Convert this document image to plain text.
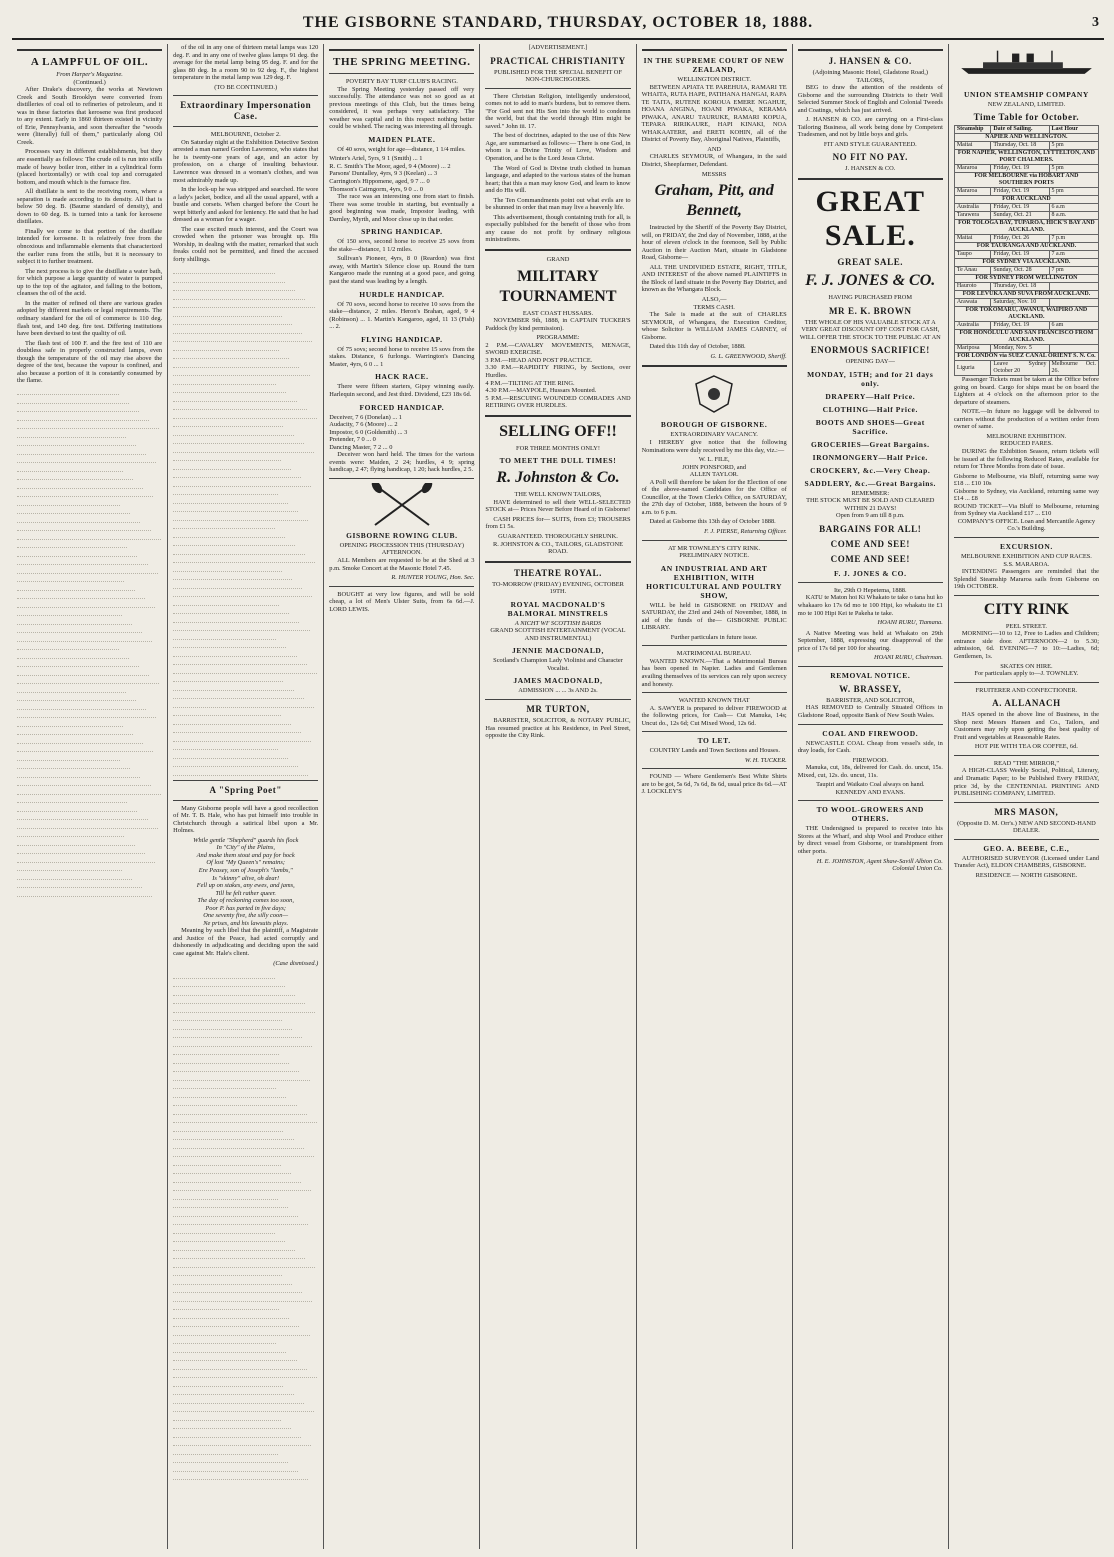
THE GISBORNE STANDARD, THURSDAY, OCTOBER 18, 1888.	3
A LAMPFUL OF OIL.
From Harper's Magazine.
(Continued.)

After Drake's discovery, the works at Newtown Creek and South Brooklyn were converted from distilleries of coal oil to refineries of petroleum, and it was in these factories that kerosene was first produced to any extent. Early in 1860 thirteen existed in vicinity of Erie, Pennsylvania, and soon thereafter the "woods were (literally) full of them," particularly along Oil Creek.

Processes vary in different establishments, but they are essentially as follows: The crude oil is run into stills made of heavy boiler iron, either in a cylindrical form (placed horizontally) or with coal top and corrugated bottom, and mouth which is the furnace fire.

All distillate is sent to the receiving room, where a separation is made according to its density. All that is below 50 deg. B. (Baume standard of density), and down to 60 deg. B. is turned into a tank for kerosene distillates.

Finally we come to that portion of the distillate intended for kerosene. It is relatively free from the obnoxious and inflammable elements that characterized the earlier runs from the stills, but it is necessary to subject it to further treatment.

The next process is to give the distillate a water bath, for which purpose a large quantity of water is pumped up to the top of the agitator, and falling to the bottom, cleanses the oil of the acid.

In the matter of refined oil there are various grades adopted by different markets or legal requirements. The ordinary standard for the oil of commerce is 110 deg. flash test, and 140 deg. fire test. Differing institutions have been devised to test the quality of oil.

The flash test of 100 F. and the fire test of 110 are doubtless safe in properly constructed lamps, even though the temperature of the oil may rise above the degree of the test, because the vapour is confined, and also because a portion of it is constantly consumed by the flame.

of the oil in any one of thirteen metal lamps was 120 deg. F. and in any one of twelve glass lamps 91 deg. the average for the metal lamp being 95 deg. F. and for the glass 80 deg. In a room 90 to 92 deg. F., the highest temperature in the metal lamp was 129 deg. F.

(TO BE CONTINUED.)
Extraordinary Impersonation Case.
MELBOURNE, October 2.

On Saturday night at the Exhibition Detective Sexton arrested a man named Gordon Lawrence, who states that he is twenty-one years of age, and an actor by profession, on a charge of insulting behaviour. Lawrence was dressed in a woman's clothes, and was most admirably made up.

In the lock-up he was stripped and searched. He wore a lady's jacket, bodice, and all the usual apparel, with a bustle and corsets. When charged before the Court he wept bitterly and asked for leniency. He said that he had dressed as a woman for a wager.

The case excited much interest, and the Court was crowded when the prisoner was brought up. His Worship, in dealing with the matter, remarked that such freaks could not be permitted, and fined the accused forty shillings.

A "Spring Poet"

Many Gisborne people will have a good recollection of Mr. T. B. Hale, who has put himself into trouble in Christchurch through a satirical libel upon a Mr. Holmes.

While gentle "Shepherd" guards his flock
In "City" of the Plains,
And make them stout and pay for hock
Of lost "My Queen's" remains;
Ere Peasey, son of Joseph's "lambs,"
Is "skinny" alive, oh dear!
Fell up on stakes, any ewes, and jams,
Till he felt rather queer.
The day of reckoning comes too soon,
Poor P. has parted in five days;
One seventy five, the silly coon—
Ne prises, and his lawsuits plays.

Meaning by such libel that the plaintiff, a Magistrate and Justice of the Peace, had acted corruptly and dishonestly in adjudicating and deciding upon the said case against Mr. Hale's client.

(Case dismissed.)
THE SPRING MEETING.
POVERTY BAY TURF CLUB'S RACING.

The Spring Meeting yesterday passed off very successfully. The attendance was not so good as at previous meetings of this Club, but the times being considered, it was perhaps very satisfactory. The weather was capital and in this respect nothing better could be wished. The racing was interesting all through.

MAIDEN PLATE.

Of 40 sovs, weight for age—distance, 1 1/4 miles.

Winter's Ariel, 5yrs, 9 1 (Smith) ... 1
R. C. Smith's The Moor, aged, 9 4 (Moore) ... 2
Parsons' Duntalley, 4yrs, 9 3 (Keelan) ... 3
Carrington's Hippomene, aged, 9 7 ... 0
Thomson's Cairngorm, 4yrs, 9 0 ... 0

The race was an interesting one from start to finish. There was some trouble in starting, but eventually a good beginning was made, Impostor leading, with Darnley, Myrth, and Moor close up in that order.

SPRING HANDICAP.

Of 150 sovs, second horse to receive 25 sovs from the stake—distance, 1 1/2 miles.

Sullivan's Pioneer, 4yrs, 8 0 (Reardon) was first away, with Martin's Silence close up. Round the turn Kangaroo made the running at a good pace, and going past the stand was leading by a length.

HURDLE HANDICAP.

Of 70 sovs, second horse to receive 10 sovs from the stake—distance, 2 miles. Heron's Brahan, aged, 9 4 (Robinson) ... 1. Martin's Kangaroo, aged, 11 13 (Fish) ... 2.

FLYING HANDICAP.

Of 75 sovs; second horse to receive 15 sovs from the stakes. Distance, 6 furlongs. Warrington's Dancing Master, 4yrs, 6 0 ... 1

HACK RACE.

There were fifteen starters, Gipsy winning easily. Harlequin second, and Jest third. Dividend, £23 18s 6d.

FORCED HANDICAP.
Deceiver, 7 6 (Donelan) ... 1
Audacity, 7 6 (Moore) ... 2
Impostor, 6 0 (Goldsmith) ... 3
Pretender, 7 0 ... 0
Dancing Master, 7 2 ... 0

Deceiver won hard held. The times for the various events were: Maiden, 2 24; hurdles, 4 9; spring handicap, 2 47; flying handicap, 1 20; hack hurdles, 2 5.

GISBORNE ROWING CLUB.
OPENING PROCESSION THIS (THURSDAY) AFTERNOON.

ALL Members are requested to be at the Shed at 3 p.m. Smoke Concert at the Masonic Hotel 7.45.

R. HUNTER YOUNG, Hon. Sec.

BOUGHT at very low figures, and will be sold cheap, a lot of Men's Ulster Suits, from 6s 6d.—J. LORD LEWIS.

[ADVERTISEMENT.]
PRACTICAL CHRISTIANITY
PUBLISHED FOR THE SPECIAL BENEFIT OF NON-CHURCHGOERS.

There Christian Religion, intelligently understood, comes not to add to man's burdens, but to remove them. "For God sent not His Son into the world to condemn the world, but that the world through Him might be saved." John iii. 17.

The best of doctrines, adapted to the use of this New Age, are summarised as follows:— There is one God, in whom is a Divine Trinity of Love, Wisdom and Operation, and he is the Lord Jesus Christ.

The Word of God is Divine truth clothed in human language, and adapted to the various states of the human heart; that this a man may know God, and learn to know and do His will.

The Ten Commandments point out what evils are to be shunned in order that man may live a heavenly life.

This advertisement, though containing truth for all, is especially published for the benefit of those who from any cause do not profit by ordinary religious ministrations.

GRAND
MILITARY TOURNAMENT
EAST COAST HUSSARS.

NOVEMBER 9th, 1888, in CAPTAIN TUCKER'S Paddock (by kind permission).

PROGRAMME:
2 P.M.—CAVALRY MOVEMENTS, MENAGE, SWORD EXERCISE.
3 P.M.—HEAD AND POST PRACTICE.
3.30 P.M.—RAPIDITY FIRING, by Sections, over Hurdles.
4 P.M.—TILTING AT THE RING.
4.30 P.M.—MAYPOLE, Hussars Mounted.
5 P.M.—RESCUING WOUNDED COMRADES AND RETIRING OVER HURDLES.
SELLING OFF!!
FOR THREE MONTHS ONLY!
TO MEET THE DULL TIMES!
R. Johnston & Co.
THE WELL KNOWN TAILORS,

HAVE determined to sell their WELL-SELECTED STOCK at— Prices Never Before Heard of in Gisborne!

CASH PRICES for— SUITS, from £3; TROUSERS from £1 5s.

GUARANTEED. THOROUGHLY SHRUNK.
R. JOHNSTON & CO., TAILORS, GLADSTONE ROAD.
THEATRE ROYAL.
TO-MORROW (FRIDAY) EVENING, OCTOBER 19TH.
ROYAL MACDONALD'S BALMORAL MINSTRELS
A NICHT WI' SCOTTISH BARDS
GRAND SCOTTISH ENTERTAINMENT (VOCAL AND INSTRUMENTAL)
JENNIE MACDONALD,
Scotland's Champion Lady Violinist and Character Vocalist.
JAMES MACDONALD,
ADMISSION ... ... 3s AND 2s.
MR TURTON,

BARRISTER, SOLICITOR, & NOTARY PUBLIC, Has resumed practice at his Residence, in Peel Street, opposite the City Rink.

IN THE SUPREME COURT OF NEW ZEALAND,
WELLINGTON DISTRICT.

BETWEEN APIATA TE PAREHUIA, RAMARI TE WHAITA, RUTA HAPE, PATIHANA HANGAI, RAPA TE TAITA, RUTENE KOROUA EMERE NGAHUE, HOANA ANGINA, HOANI PIWAKA, KERAMA PIWAKA, ANARU TAURUKE, RAMARI KOPUA, TEPARA RIRIKAURE, HAPI KINAKI, NOA WHAKAATERE, and ERETI KOHIN, all of the District of Poverty Bay, Aboriginal Natives, Plaintiffs,

AND

CHARLES SEYMOUR, of Whangara, in the said District, Sheepfarmer, Defendant.

MESSRS
Graham, Pitt, and Bennett,

Instructed by the Sheriff of the Poverty Bay District, will, on FRIDAY, the 2nd day of November, 1888, at the hour of eleven o'clock in the forenoon, Sell by Public Auction in their Auction Mart, situate in Gladstone Road, Gisborne—

ALL THE UNDIVIDED ESTATE, RIGHT, TITLE, AND INTEREST of the above named PLAINTIFFS in the Block of land situate in the Poverty Bay District, and known as the Whangara Block.

ALSO,—
TERMS CASH.

The Sale is made at the suit of CHARLES SEYMOUR, of Whangara, the Execution Creditor, whose Solicitor is WILLIAM JAMES CARNEY, of Gisborne.

Dated this 11th day of October, 1888.

G. L. GREENWOOD, Sheriff.
BOROUGH OF GISBORNE.
EXTRAORDINARY VACANCY.

I HEREBY give notice that the following Nominations were duly received by me this day, viz.:—

W. L. FILE,
JOHN PONSFORD, and
ALLEN TAYLOR.

A Poll will therefore be taken for the Election of one of the above-named Candidates for the Office of Councillor, at the Town Clerk's Office, on SATURDAY, the 27th day of October, 1888, between the hours of 9 a.m. to 6 p.m.

Dated at Gisborne this 13th day of October 1888.

F. J. PIERSE, Returning Officer.
AT MR TOWNLEY'S CITY RINK.
PRELIMINARY NOTICE.
AN INDUSTRIAL AND ART EXHIBITION, WITH HORTICULTURAL AND POULTRY SHOW,

WILL be held in GISBORNE on FRIDAY and SATURDAY, the 23rd and 24th of November, 1888, in aid of the funds of the— GISBORNE PUBLIC LIBRARY.

Further particulars in future issue.
MATRIMONIAL BUREAU.

WANTED KNOWN.—That a Matrimonial Bureau has been opened in Napier. Ladies and Gentlemen availing themselves of its services can rely upon secrecy and honesty.

WANTED KNOWN THAT

A. SAWYER is prepared to deliver FIREWOOD at the following prices, for Cash— Cut Manuka, 14s; Uncut do., 12s 6d; Cut Mixed Wood, 12s 6d.

TO LET.

COUNTRY Lands and Town Sections and Houses.

W. H. TUCKER.

FOUND — Where Gentlemen's Best White Shirts are to be got, 5s 6d, 7s 6d, 8s 6d, usual price 8s 6d.—AT J. LOCKLEY'S

J. HANSEN & CO.
(Adjoining Masonic Hotel, Gladstone Road,)
TAILORS,

BEG to draw the attention of the residents of Gisborne and the surrounding Districts to their Well Selected Summer Stock of English and Colonial Tweeds and Coatings, which has just arrived.

J. HANSEN & CO. are carrying on a First-class Tailoring Business, all work being done by Competent Tradesmen, and not by little boys and girls.

FIT AND STYLE GUARANTEED.
NO FIT NO PAY.
J. HANSEN & CO.
GREAT SALE.
GREAT SALE.
F. J. JONES & CO.
HAVING PURCHASED FROM
MR E. K. BROWN
THE WHOLE OF HIS VALUABLE STOCK AT A VERY GREAT DISCOUNT OFF COST FOR CASH,
WILL OFFER THE STOCK TO THE PUBLIC AT AN
ENORMOUS SACRIFICE!
OPENING DAY—
MONDAY, 15TH; and for 21 days only.
DRAPERY—Half Price.
CLOTHING—Half Price.
BOOTS AND SHOES—Great Sacrifice.
GROCERIES—Great Bargains.
IRONMONGERY—Half Price.
CROCKERY, &c.—Very Cheap.
SADDLERY, &c.—Great Bargains.
REMEMBER:
THE STOCK MUST BE SOLD AND CLEARED WITHIN 21 DAYS!
Open from 9 am till 8 p.m.
BARGAINS FOR ALL!
COME AND SEE!
COME AND SEE!
F. J. JONES & CO.
Ite, 29th O Hepetema, 1888.

KATU te Maton hoi Ki Whakato te take o tana hui ko whakaaro ko 17s 6d mo te 100 Hipi, ko whakatu ite £1 mo te 100 Hipi Kei te Pakeha te take.

HOANI RURU, Tiamana.

A Native Meeting was held at Whakato on 29th September, 1888, expressing our disapproval of the price of 17s 6d per 100 for shearing.

HOANI RURU, Chairman.
REMOVAL NOTICE.
W. BRASSEY,
BARRISTER, AND SOLICITOR,

HAS REMOVED to Centrally Situated Offices in Gladstone Road, opposite Bank of New South Wales.

COAL AND FIREWOOD.

NEWCASTLE COAL Cheap from vessel's side, in dray loads, for Cash.

FIREWOOD.

Manuka, cut, 18s, delivered for Cash. do. uncut, 15s. Mixed, cut, 12s. do. uncut, 11s.

Taupiri and Waikato Coal always on hand.
KENNEDY AND EVANS.
TO WOOL-GROWERS AND OTHERS.

THE Undersigned is prepared to receive into his Stores at the Wharf, and ship Wool and Produce either by direct vessel from Gisborne, or transhipment from other ports.

H. E. JOHNSTON, Agent Shaw-Savill Albion Co. Colonial Union Co.
UNION STEAMSHIP COMPANY
NEW ZEALAND, LIMITED.
Time Table for October.
Steamship	Date of Sailing.	Last Hour
NAPIER AND WELLINGTON.		
Maitai	Thursday, Oct. 18	5 pm
FOR NAPIER, WELLINGTON, LYTTELTON, AND PORT CHALMERS.		
Mararoa	Friday, Oct. 19	5 pm
FOR MELBOURNE via HOBART AND SOUTHERN PORTS		
Mararoa	Friday, Oct. 19	5 pm
FOR AUCKLAND		
Australia	Friday, Oct. 19	6 a.m
Tarawera	Sunday, Oct. 21	8 a.m.
FOR TOLOGA BAY, TUPAROA, HICK'S BAY AND AUCKLAND.		
Maitai	Friday, Oct. 26	7 p.m
FOR TAURANGA AND AUCKLAND.		
Taupo	Friday, Oct. 19	7 a.m
FOR SYDNEY VIA AUCKLAND.		
Te Anau	Sunday, Oct. 28	7 pm
FOR SYDNEY FROM WELLINGTON		
Hauroto	Thursday, Oct. 18	
FOR LEVUKA AND SUVA FROM AUCKLAND.		
Arawata	Saturday, Nov. 10	
FOR TOKOMARU, AWANUI, WAIPIRO AND AUCKLAND.		
Australia	Friday, Oct. 19	6 am
FOR HONOLULU AND SAN FRANCISCO FROM AUCKLAND.		
Mariposa	Monday, Nov. 5	
FOR LONDON via SUEZ CANAL ORIENT S. N. Co.		
Liguria	Leave Sydney October 20	Melbourne Oct. 26.

Passenger Tickets must be taken at the Office before going on board. Cargo for ships must be on board the Lighters at 4 o'clock on the afternoon prior to the departure of steamers.

NOTE.—In future no luggage will be delivered to carriers without the production of a written order from owner of same.

MELBOURNE EXHIBITION.
REDUCED FARES.

DURING the Exhibition Season, return tickets will be issued at the following Reduced Rates, available for return for Three Months from date of issue.

Gisborne to Melbourne, via Bluff, returning same way £18 ... £10 10s
Gisborne to Sydney, via Auckland, returning same way £14 ... £8
ROUND TICKET—Via Bluff to Melbourne, returning from Sydney via Auckland £17 ... £10
COMPANY'S OFFICE. Loan and Mercantile Agency Co.'s Building.
EXCURSION.
MELBOURNE EXHIBITION AND CUP RACES.
S.S. MARAROA.

INTENDING Passengers are reminded that the Splendid Steamship Mararoa sails from Gisborne on 19th OCTOBER.

CITY RINK
PEEL STREET.

MORNING—10 to 12, Free to Ladies and Children; entrance side door. AFTERNOON—2 to 5.30; admission, 6d. EVENING—7 to 10:—Ladies, 6d; Gentlemen, 1s.

SKATES ON HIRE.
For particulars apply to—J. TOWNLEY.
FRUITERER AND CONFECTIONER.
A. ALLANACH

HAS opened in the above line of Business, in the Shop next Messrs Hansen and Co., Tailors, and Customers may rely upon getting the best quality of Fruit and vegetables at Reasonable Rates.

HOT PIE WITH TEA OR COFFEE, 6d.
READ "THE MIRROR,"

A HIGH-CLASS Weekly Social, Political, Literary, and Dramatic Paper; to be Published Every FRIDAY, price 3d, by the CENTENNIAL PRINTING AND PUBLISHING COMPANY, LIMITED.

MRS MASON,
(Opposite D. M. Orr's.) NEW AND SECOND-HAND DEALER.
GEO. A. BEEBE, C.E.,

AUTHORISED SURVEYOR (Licensed under Land Transfer Act), ELDON CHAMBERS, GISBORNE.

RESIDENCE — NORTH GISBORNE.
